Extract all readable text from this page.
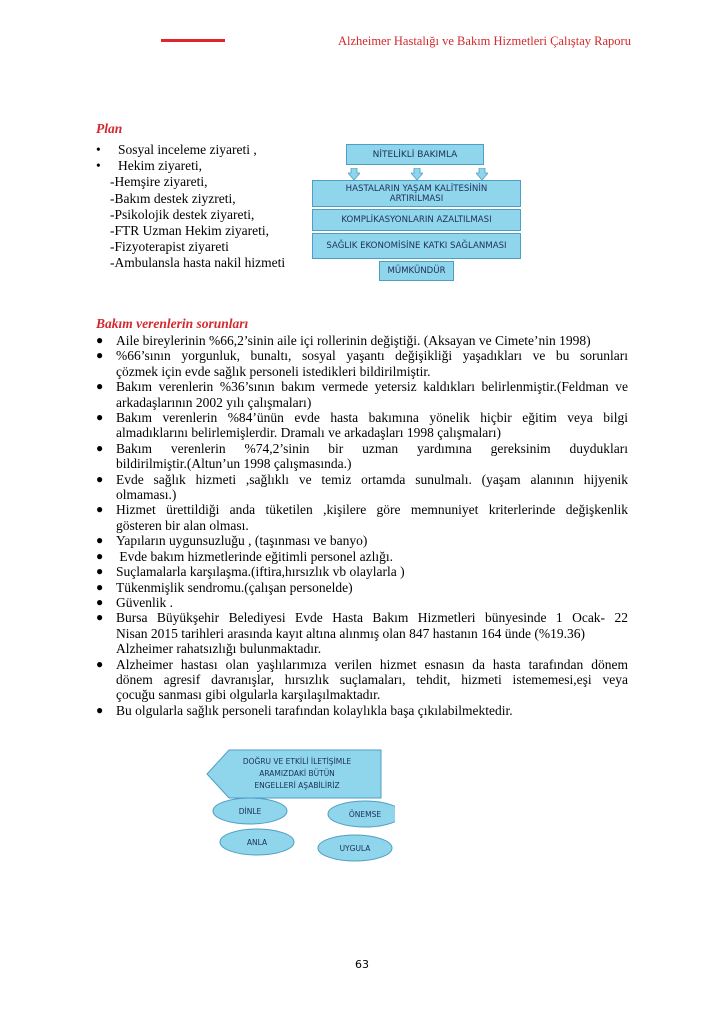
Alzheimer Hastalığı ve Bakım Hizmetleri Çalıştay Raporu
Plan
• Sosyal inceleme ziyareti ,
• Hekim ziyareti,
-Hemşire ziyareti,
-Bakım destek ziyzreti,
-Psikolojik destek ziyareti,
-FTR Uzman Hekim ziyareti,
-Fizyoterapist ziyareti
-Ambulansla hasta nakil hizmeti
NİTELİKLİ BAKIMLA
HASTALARIN YAŞAM KALİTESİNİN
ARTIRILMASI
KOMPLİKASYONLARIN AZALTILMASI
SAĞLIK EKONOMİSİNE KATKI SAĞLANMASI
MÜMKÜNDÜR
Bakım verenlerin sorunları
● Aile bireylerinin %66,2’sinin aile içi rollerinin değiştiği. (Aksayan ve Cimete’nin 1998)
● %66’sının yorgunluk, bunaltı, sosyal yaşantı değişikliği yaşadıkları ve bu sorunları
çözmek için evde sağlık personeli istedikleri bildirilmiştir.
● Bakım verenlerin %36’sının bakım vermede yetersiz kaldıkları belirlenmiştir.(Feldman ve
arkadaşlarının 2002 yılı çalışmaları)
● Bakım verenlerin %84’ünün evde hasta bakımına yönelik hiçbir eğitim veya bilgi
almadıklarını belirlemişlerdir. Dramalı ve arkadaşları 1998 çalışmaları)
● Bakım verenlerin %74,2’sinin bir uzman yardımına gereksinim duydukları
bildirilmiştir.(Altun’un 1998 çalışmasında.)
● Evde sağlık hizmeti ,sağlıklı ve temiz ortamda sunulmalı. (yaşam alanının hijyenik
olmaması.)
● Hizmet ürettildiği anda tüketilen ,kişilere göre memnuniyet kriterlerinde değişkenlik
gösteren bir alan olması.
● Yapıların uygunsuzluğu , (taşınması ve banyo)
● Evde bakım hizmetlerinde eğitimli personel azlığı.
● Suçlamalarla karşılaşma.(iftira,hırsızlık vb olaylarla )
● Tükenmişlik sendromu.(çalışan personelde)
● Güvenlik .
● Bursa Büyükşehir Belediyesi Evde Hasta Bakım Hizmetleri bünyesinde 1 Ocak- 22
Nisan 2015 tarihleri arasında kayıt altına alınmış olan 847 hastanın 164 ünde (%19.36)
Alzheimer rahatsızlığı bulunmaktadır.
● Alzheimer hastası olan yaşlılarımıza verilen hizmet esnasın da hasta tarafından dönem
dönem agresif davranışlar, hırsızlık suçlamaları, tehdit, hizmeti istememesi,eşi veya
çocuğu sanması gibi olgularla karşılaşılmaktadır.
● Bu olgularla sağlık personeli tarafından kolaylıkla başa çıkılabilmektedir.
DOĞRU VE ETKİLİ İLETİŞİMLE
ARAMIZDAKİ BÜTÜN
ENGELLERİ AŞABİLİRİZ
DİNLE	ÖNEMSE
ANLA
UYGULA
63
